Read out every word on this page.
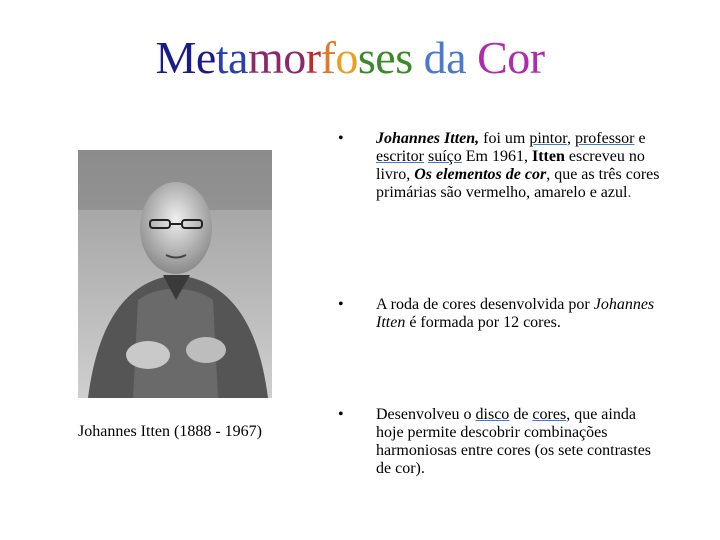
Metamorfoses da Cor
Johannes Itten (1888 - 1967)
•	Johannes Itten, foi um pintor, professor e escritor suíço Em 1961, Itten escreveu no livro, Os elementos de cor, que as três cores primárias são vermelho, amarelo e azul.
•	A roda de cores desenvolvida por Johannes Itten é formada por 12 cores.
•	Desenvolveu o disco de cores, que ainda hoje permite descobrir combinações harmoniosas entre cores (os sete contrastes de cor).
